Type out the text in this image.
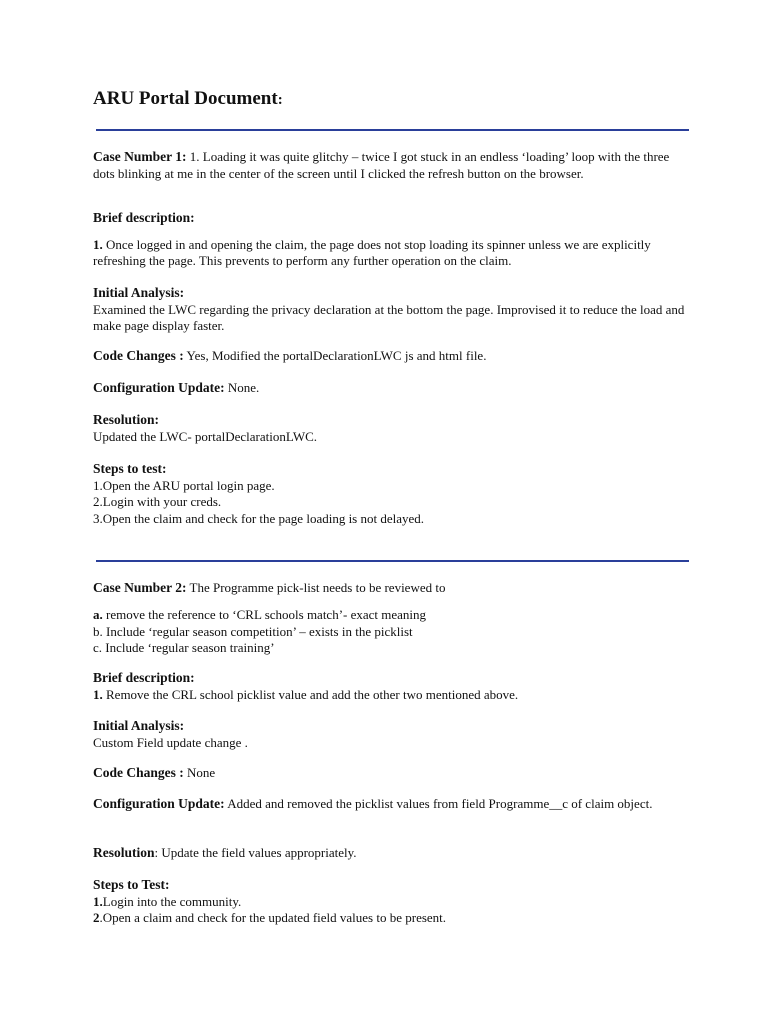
ARU Portal Document:
Case Number 1: 1. Loading it was quite glitchy – twice I got stuck in an endless ‘loading’ loop with the three dots blinking at me in the center of the screen until I clicked the refresh button on the browser.
Brief description:

1. Once logged in and opening the claim, the page does not stop loading its spinner unless we are explicitly refreshing the page. This prevents to perform any further operation on the claim.

Initial Analysis:

Examined the LWC regarding the privacy declaration at the bottom the page. Improvised it to reduce the load and make page display faster.

Code Changes : Yes, Modified the portalDeclarationLWC js and html file.
Configuration Update: None.
Resolution:

Updated the LWC- portalDeclarationLWC.

Steps to test:

1.Open the ARU portal login page.

2.Login with your creds.

3.Open the claim and check for the page loading is not delayed.

Case Number 2: The Programme pick-list needs to be reviewed to

a. remove the reference to ‘CRL schools match’- exact meaning

b. Include ‘regular season competition’ – exists in the picklist

c. Include ‘regular season training’

Brief description:

1. Remove the CRL school picklist value and add the other two mentioned above.

Initial Analysis:

Custom Field update change .

Code Changes : None
Configuration Update: Added and removed the picklist values from field Programme__c of claim object.
Resolution: Update the field values appropriately.
Steps to Test:

1.Login into the community.

2.Open a claim and check for the updated field values to be present.
